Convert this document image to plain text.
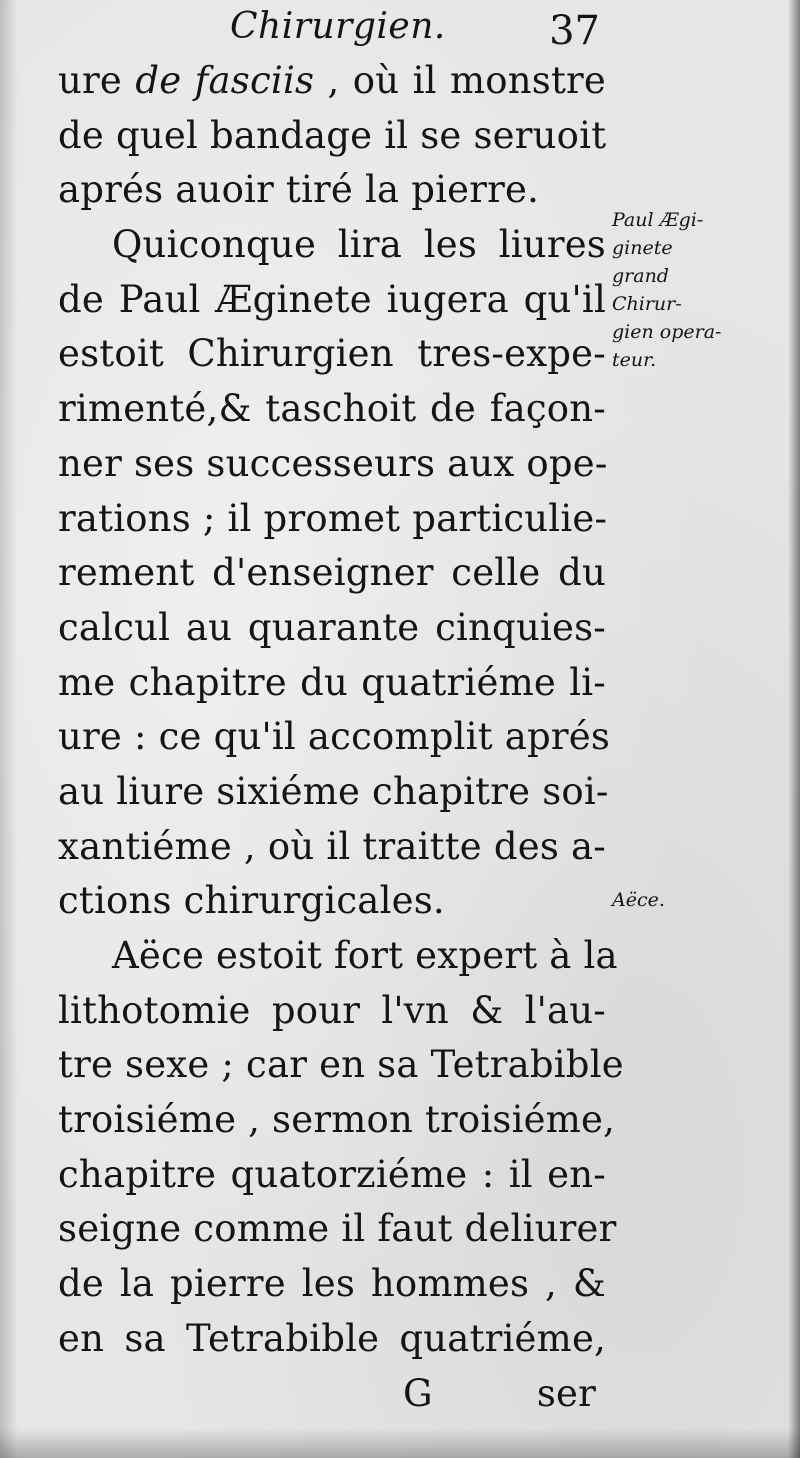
Chirurgien.	37
ure de fasciis , où il monstre
de quel bandage il se seruoit
aprés auoir tiré la pierre.
Quiconque lira les liures
de Paul Æginete iugera qu'il
estoit Chirurgien tres-expe-
rimenté,& taschoit de façon-
ner ses successeurs aux ope-
rations ; il promet particulie-
rement d'enseigner celle du
calcul au quarante cinquies-
me chapitre du quatriéme li-
ure : ce qu'il accomplit aprés
au liure sixiéme chapitre soi-
xantiéme , où il traitte des a-
ctions chirurgicales.
Aëce estoit fort expert à la
lithotomie pour l'vn & l'au-
tre sexe ; car en sa Tetrabible
troisiéme , sermon troisiéme,
chapitre quatorziéme : il en-
seigne comme il faut deliurer
de la pierre les hommes , &
en sa Tetrabible quatriéme,
G	ser
Paul Ægi-
ginete
grand
Chirur-
gien opera-
teur.
Aëce.
